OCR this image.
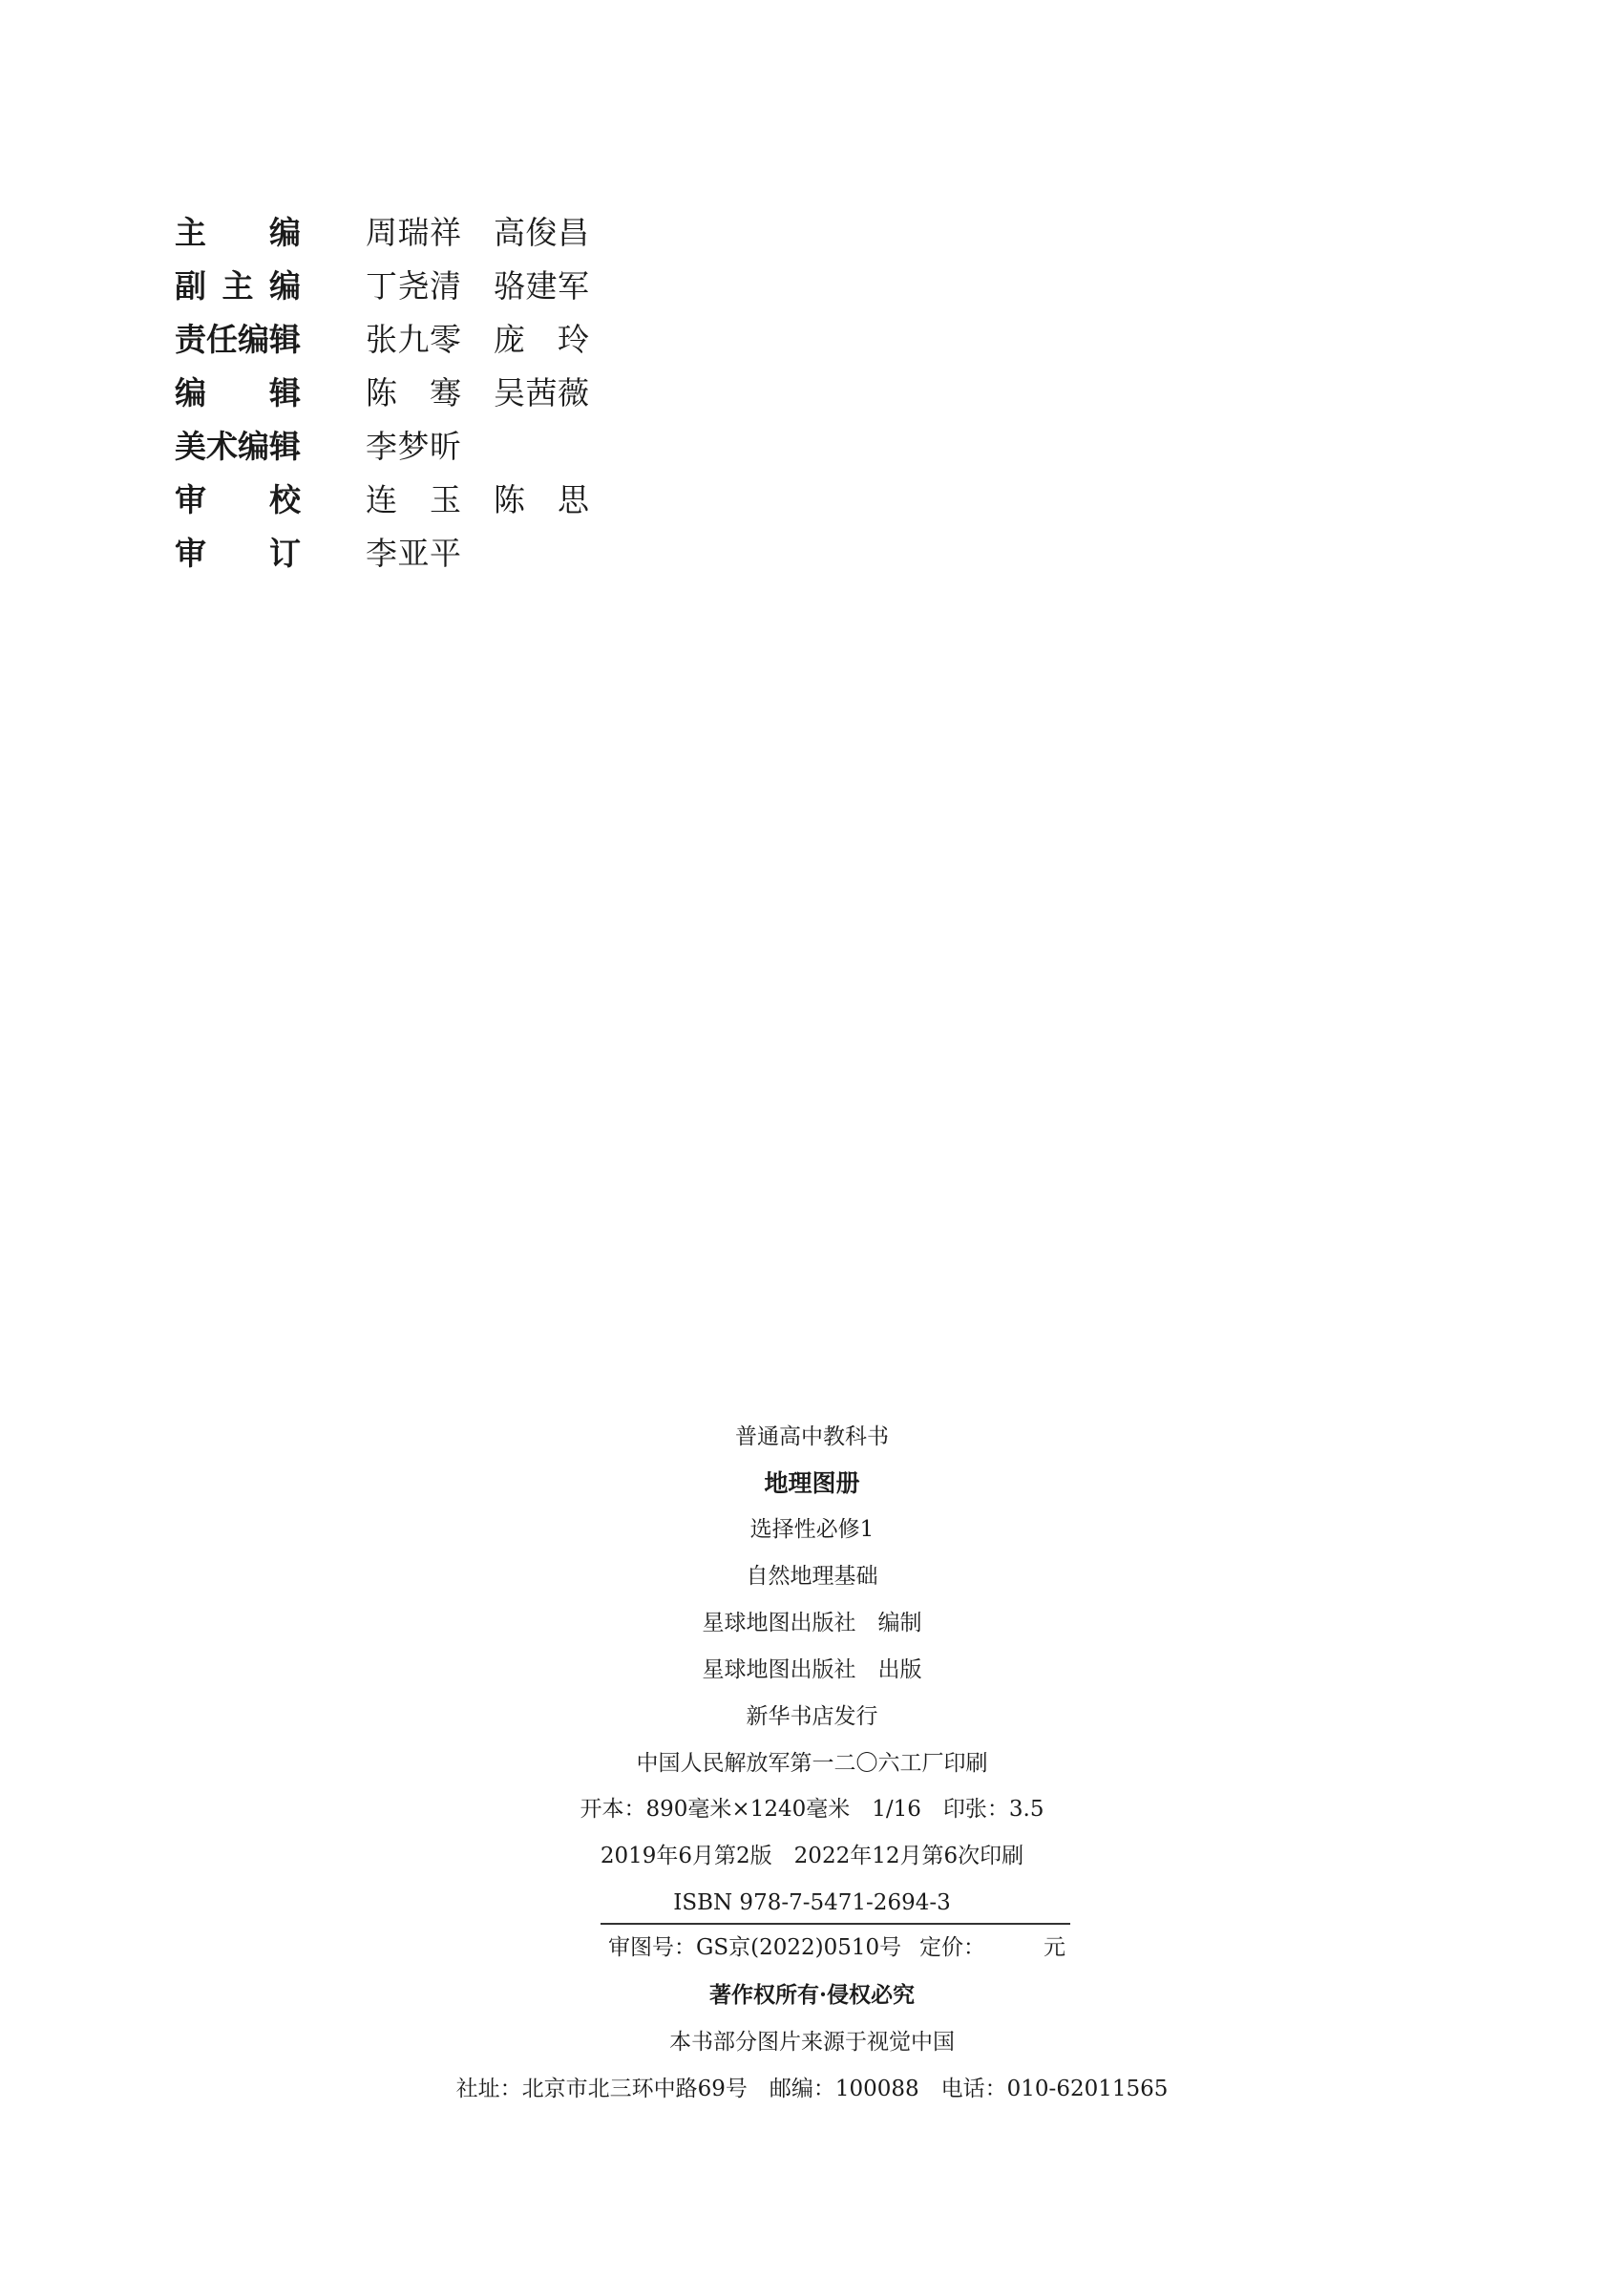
主编 周瑞祥 高俊昌
副主编 丁尧清 骆建军
责任编辑 张九零 庞玲
编辑 陈骞 吴茜薇
美术编辑 李梦昕
审校 连玉 陈思
审订 李亚平
普通高中教科书
地理图册
选择性必修1
自然地理基础
星球地图出版社　编制
星球地图出版社　出版
新华书店发行
中国人民解放军第一二〇六工厂印刷
开本：890毫米×1240毫米　1/16　印张：3.5
2019年6月第2版　2022年12月第6次印刷
ISBN 978-7-5471-2694-3
审图号：GS京(2022)0510号 定价：	元
著作权所有·侵权必究
本书部分图片来源于视觉中国
社址：北京市北三环中路69号　邮编：100088　电话：010-62011565
